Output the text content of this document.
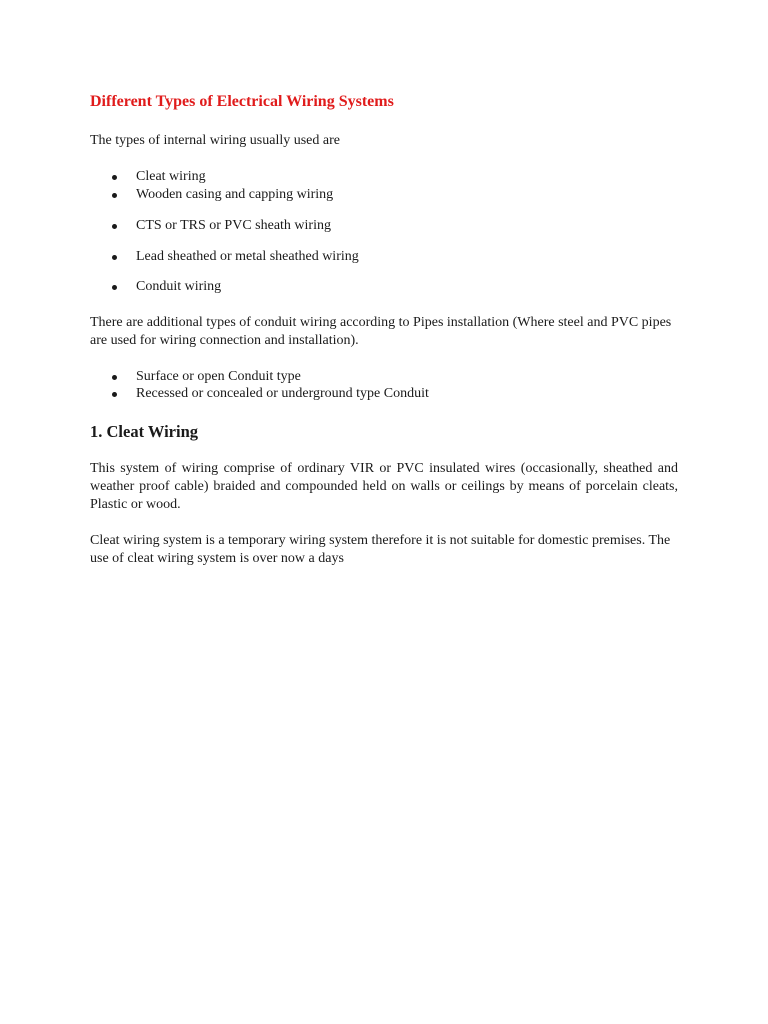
Different Types of Electrical Wiring Systems

The types of internal wiring usually used are

Cleat wiring
Wooden casing and capping wiring
CTS or TRS or PVC sheath wiring
Lead sheathed or metal sheathed wiring
Conduit wiring

There are additional types of conduit wiring according to Pipes installation (Where steel and PVC pipes are used for wiring connection and installation).

Surface or open Conduit type
Recessed or concealed or underground type Conduit
1. Cleat Wiring

This system of wiring comprise of ordinary VIR or PVC insulated wires (occasionally, sheathed and weather proof cable) braided and compounded held on walls or ceilings by means of porcelain cleats, Plastic or wood.

Cleat wiring system is a temporary wiring system therefore it is not suitable for domestic premises. The use of cleat wiring system is over now a days
